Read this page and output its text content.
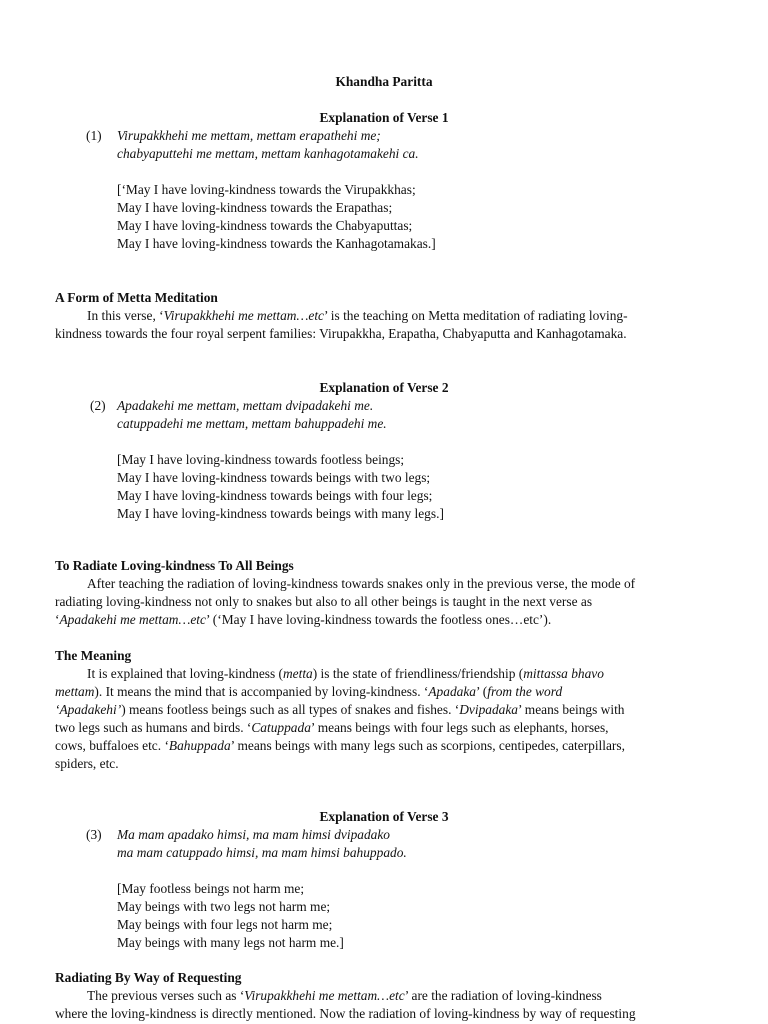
Khandha Paritta
Explanation of Verse 1
(1)	Virupakkhehi me mettam, mettam erapathehi me;
chabyaputtehi me mettam, mettam kanhagotamakehi ca.
[‘May I have loving-kindness towards the Virupakkhas;
May I have loving-kindness towards the Erapathas;
May I have loving-kindness towards the Chabyaputtas;
May I have loving-kindness towards the Kanhagotamakas.]
A Form of Metta Meditation
In this verse, ‘Virupakkhehi me mettam…etc’ is the teaching on Metta meditation of radiating loving-
kindness towards the four royal serpent families: Virupakkha, Erapatha, Chabyaputta and Kanhagotamaka.
Explanation of Verse 2
(2) Apadakehi me mettam, mettam dvipadakehi me.
catuppadehi me mettam, mettam bahuppadehi me.
[May I have loving-kindness towards footless beings;
May I have loving-kindness towards beings with two legs;
May I have loving-kindness towards beings with four legs;
May I have loving-kindness towards beings with many legs.]
To Radiate Loving-kindness To All Beings
After teaching the radiation of loving-kindness towards snakes only in the previous verse, the mode of
radiating loving-kindness not only to snakes but also to all other beings is taught in the next verse as
‘Apadakehi me mettam…etc’ (‘May I have loving-kindness towards the footless ones…etc’).
The Meaning
It is explained that loving-kindness (metta) is the state of friendliness/friendship (mittassa bhavo
mettam). It means the mind that is accompanied by loving-kindness. ‘Apadaka’ (from the word
‘Apadakehi’) means footless beings such as all types of snakes and fishes. ‘Dvipadaka’ means beings with
two legs such as humans and birds. ‘Catuppada’ means beings with four legs such as elephants, horses,
cows, buffaloes etc. ‘Bahuppada’ means beings with many legs such as scorpions, centipedes, caterpillars,
spiders, etc.
Explanation of Verse 3
(3)	Ma mam apadako himsi, ma mam himsi dvipadako
ma mam catuppado himsi, ma mam himsi bahuppado.
[May footless beings not harm me;
May beings with two legs not harm me;
May beings with four legs not harm me;
May beings with many legs not harm me.]
Radiating By Way of Requesting
The previous verses such as ‘Virupakkhehi me mettam…etc’ are the radiation of loving-kindness
where the loving-kindness is directly mentioned. Now the radiation of loving-kindness by way of requesting
